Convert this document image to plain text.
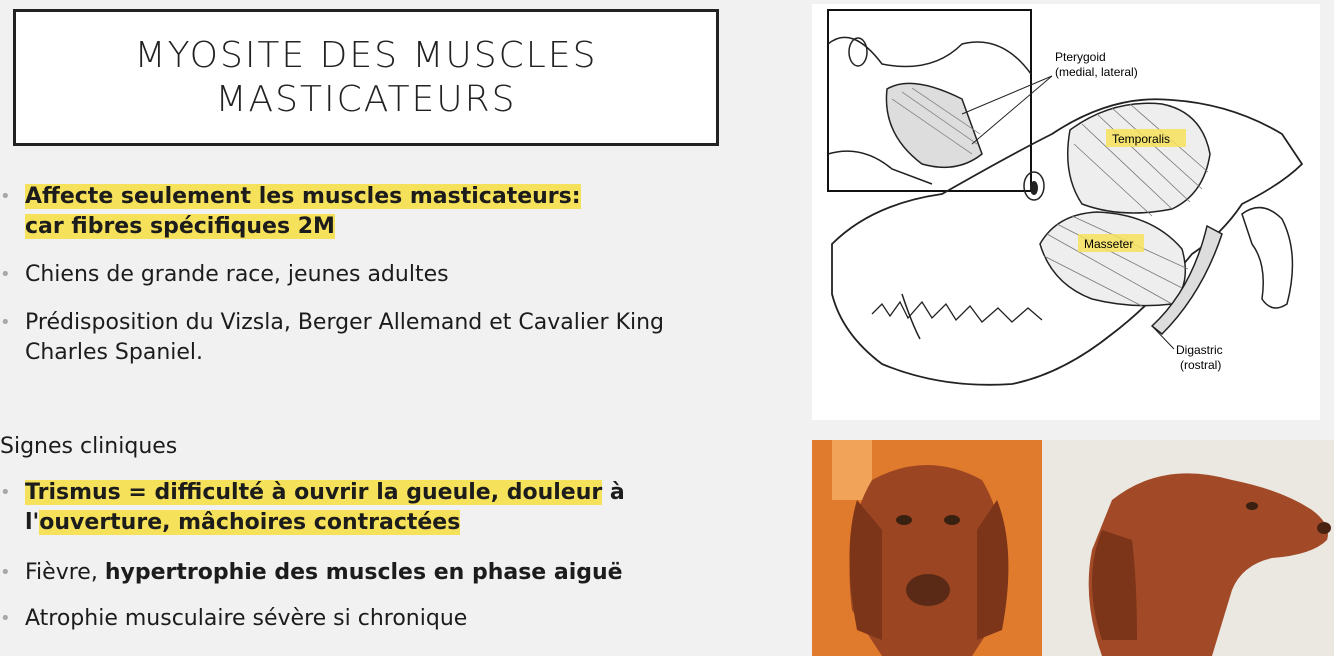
MYOSITE DES MUSCLES
MASTICATEURS
• Affecte seulement les muscles masticateurs:
car fibres spécifiques 2M
• Chiens de grande race, jeunes adultes
• Prédisposition du Vizsla, Berger Allemand et Cavalier King
Charles Spaniel.
Signes cliniques
• Trismus = difficulté à ouvrir la gueule, douleur à
l'ouverture, mâchoires contractées
• Fièvre, hypertrophie des muscles en phase aiguë
• Atrophie musculaire sévère si chronique
Pterygoid
(medial, lateral)
Temporalis
Masseter
Digastric
(rostral)
